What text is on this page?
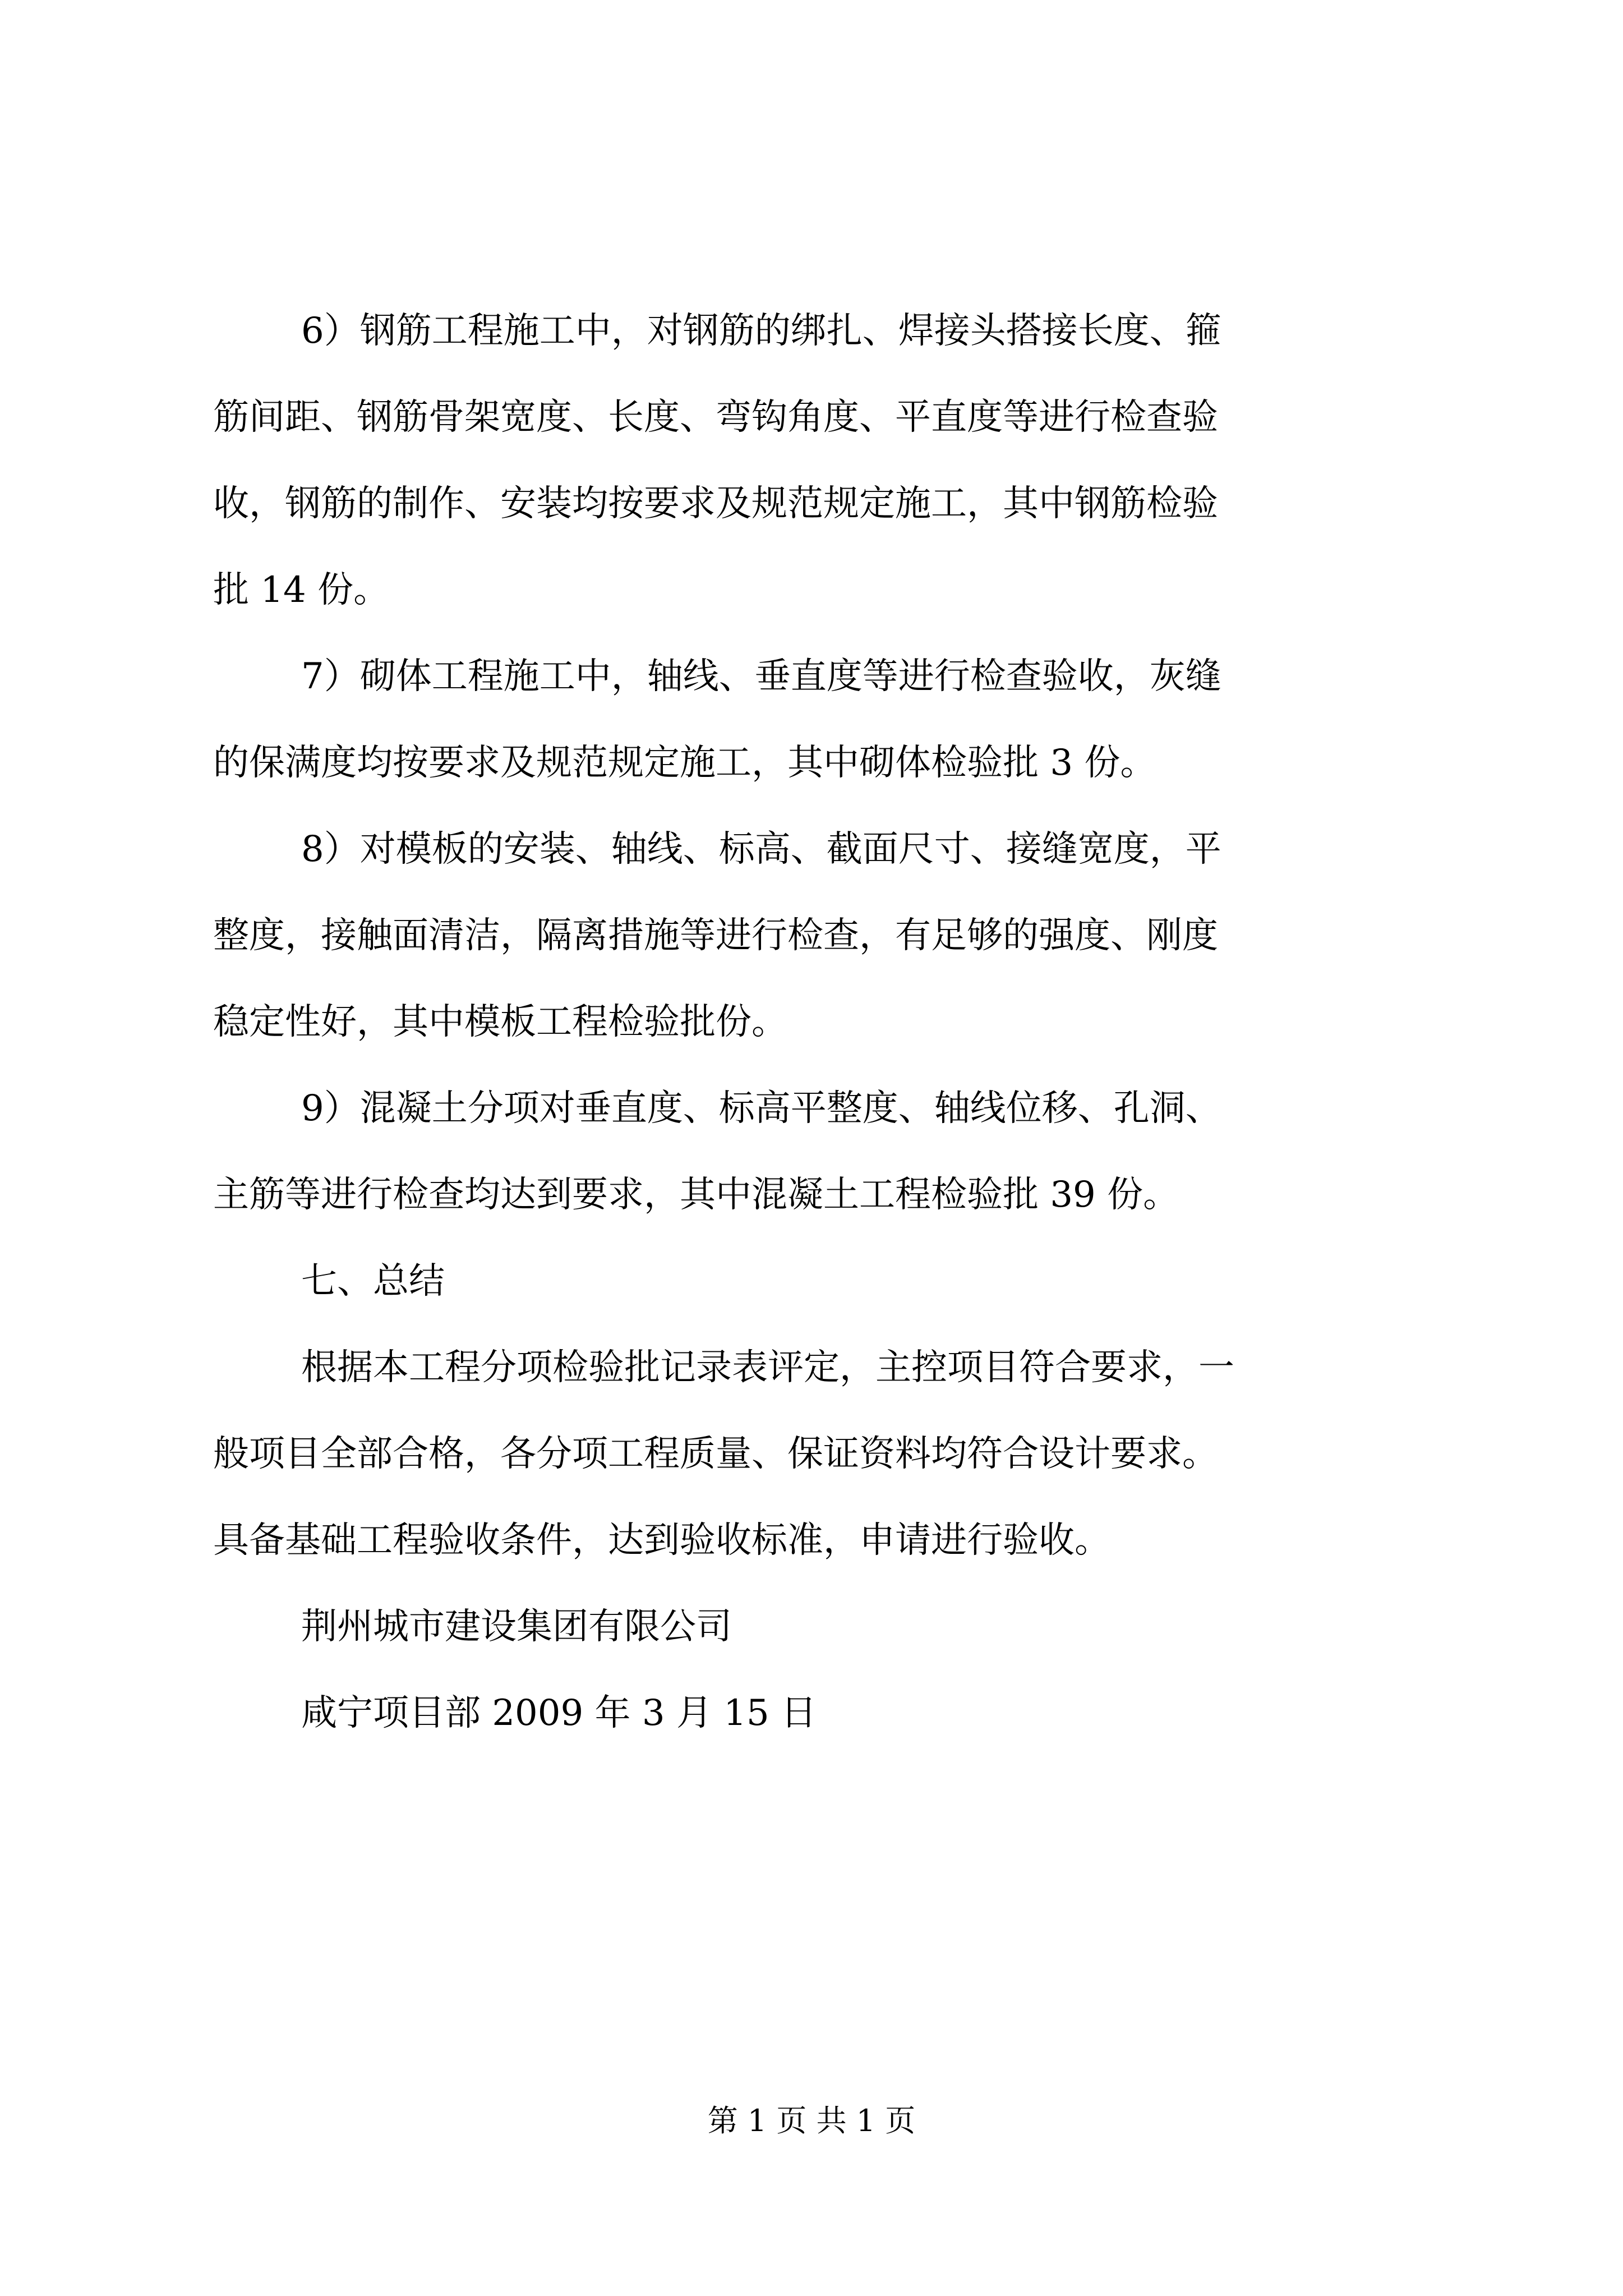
6）钢筋工程施工中，对钢筋的绑扎、焊接头搭接长度、箍
筋间距、钢筋骨架宽度、长度、弯钩角度、平直度等进行检查验
收，钢筋的制作、安装均按要求及规范规定施工，其中钢筋检验
批 14 份。
7）砌体工程施工中，轴线、垂直度等进行检查验收，灰缝
的保满度均按要求及规范规定施工，其中砌体检验批 3 份。
8）对模板的安装、轴线、标高、截面尺寸、接缝宽度，平
整度，接触面清洁，隔离措施等进行检查，有足够的强度、刚度
稳定性好，其中模板工程检验批份。
9）混凝土分项对垂直度、标高平整度、轴线位移、孔洞、
主筋等进行检查均达到要求，其中混凝土工程检验批 39 份。
七、总结
根据本工程分项检验批记录表评定，主控项目符合要求，一
般项目全部合格，各分项工程质量、保证资料均符合设计要求。
具备基础工程验收条件，达到验收标准，申请进行验收。
荆州城市建设集团有限公司
咸宁项目部 2009 年 3 月 15 日
第 1 页 共 1 页
